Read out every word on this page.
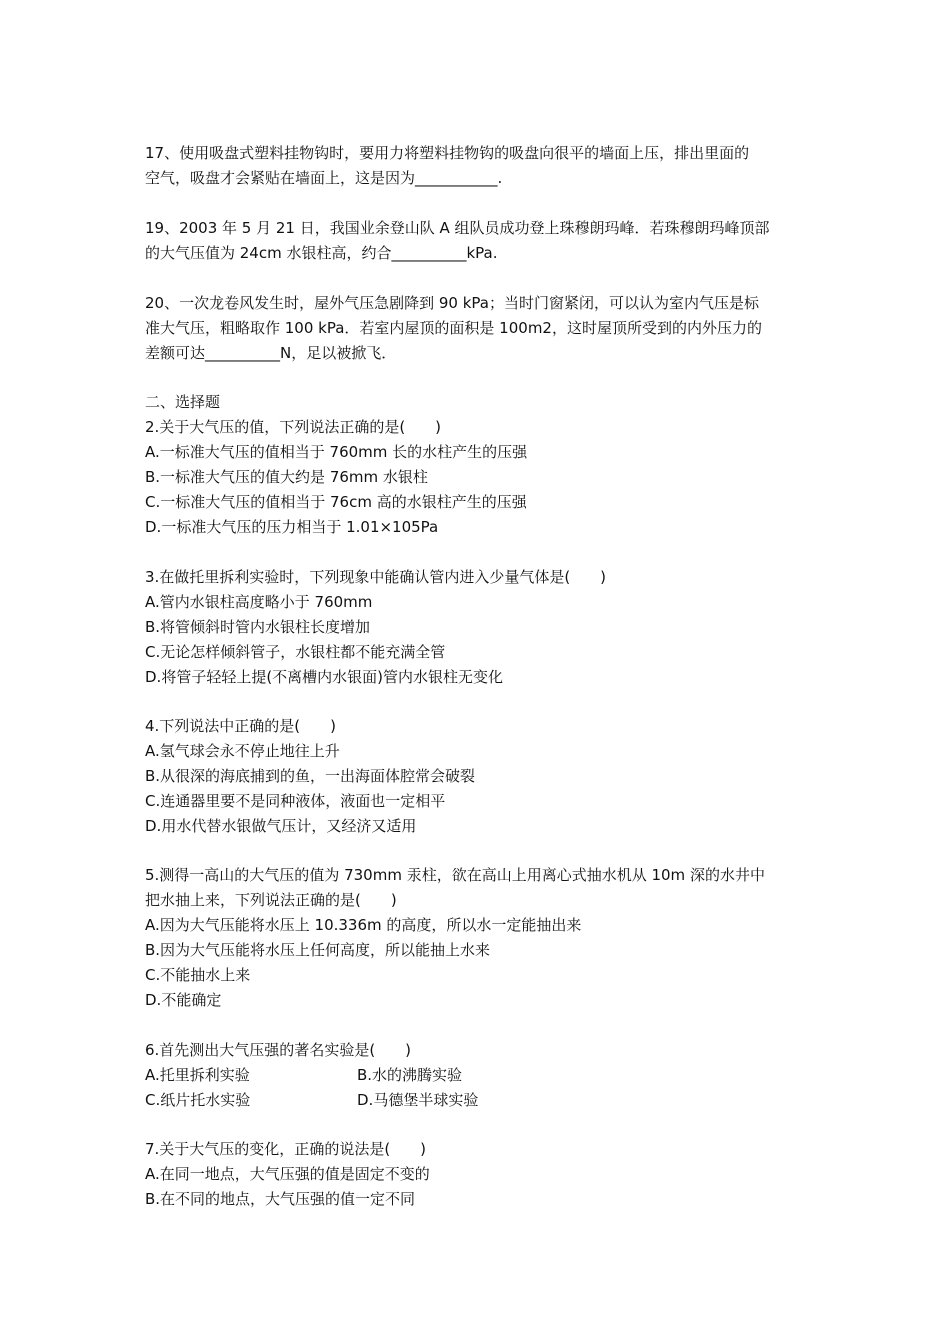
17、使用吸盘式塑料挂物钩时，要用力将塑料挂物钩的吸盘向很平的墙面上压，排出里面的
空气，吸盘才会紧贴在墙面上，这是因为___________.
19、2003 年 5 月 21 日，我国业余登山队 A 组队员成功登上珠穆朗玛峰．若珠穆朗玛峰顶部
的大气压值为 24cm 水银柱高，约合__________kPa.
20、一次龙卷风发生时，屋外气压急剧降到 90 kPa；当时门窗紧闭，可以认为室内气压是标
准大气压，粗略取作 100 kPa．若室内屋顶的面积是 100m2，这时屋顶所受到的内外压力的
差额可达__________N，足以被掀飞．
二、选择题
2.关于大气压的值，下列说法正确的是(　　)
A.一标准大气压的值相当于 760mm 长的水柱产生的压强
B.一标准大气压的值大约是 76mm 水银柱
C.一标准大气压的值相当于 76cm 高的水银柱产生的压强
D.一标准大气压的压力相当于 1.01×105Pa
3.在做托里拆利实验时，下列现象中能确认管内进入少量气体是(　　)
A.管内水银柱高度略小于 760mm
B.将管倾斜时管内水银柱长度增加
C.无论怎样倾斜管子，水银柱都不能充满全管
D.将管子轻轻上提(不离槽内水银面)管内水银柱无变化
4.下列说法中正确的是(　　)
A.氢气球会永不停止地往上升
B.从很深的海底捕到的鱼，一出海面体腔常会破裂
C.连通器里要不是同种液体，液面也一定相平
D.用水代替水银做气压计，又经济又适用
5.测得一高山的大气压的值为 730mm 汞柱，欲在高山上用离心式抽水机从 10m 深的水井中
把水抽上来，下列说法正确的是(　　)
A.因为大气压能将水压上 10.336m 的高度，所以水一定能抽出来
B.因为大气压能将水压上任何高度，所以能抽上水来
C.不能抽水上来
D.不能确定
6.首先测出大气压强的著名实验是(　　)
A.托里拆利实验	B.水的沸腾实验
C.纸片托水实验	D.马德堡半球实验
7.关于大气压的变化，正确的说法是(　　)
A.在同一地点，大气压强的值是固定不变的
B.在不同的地点，大气压强的值一定不同
